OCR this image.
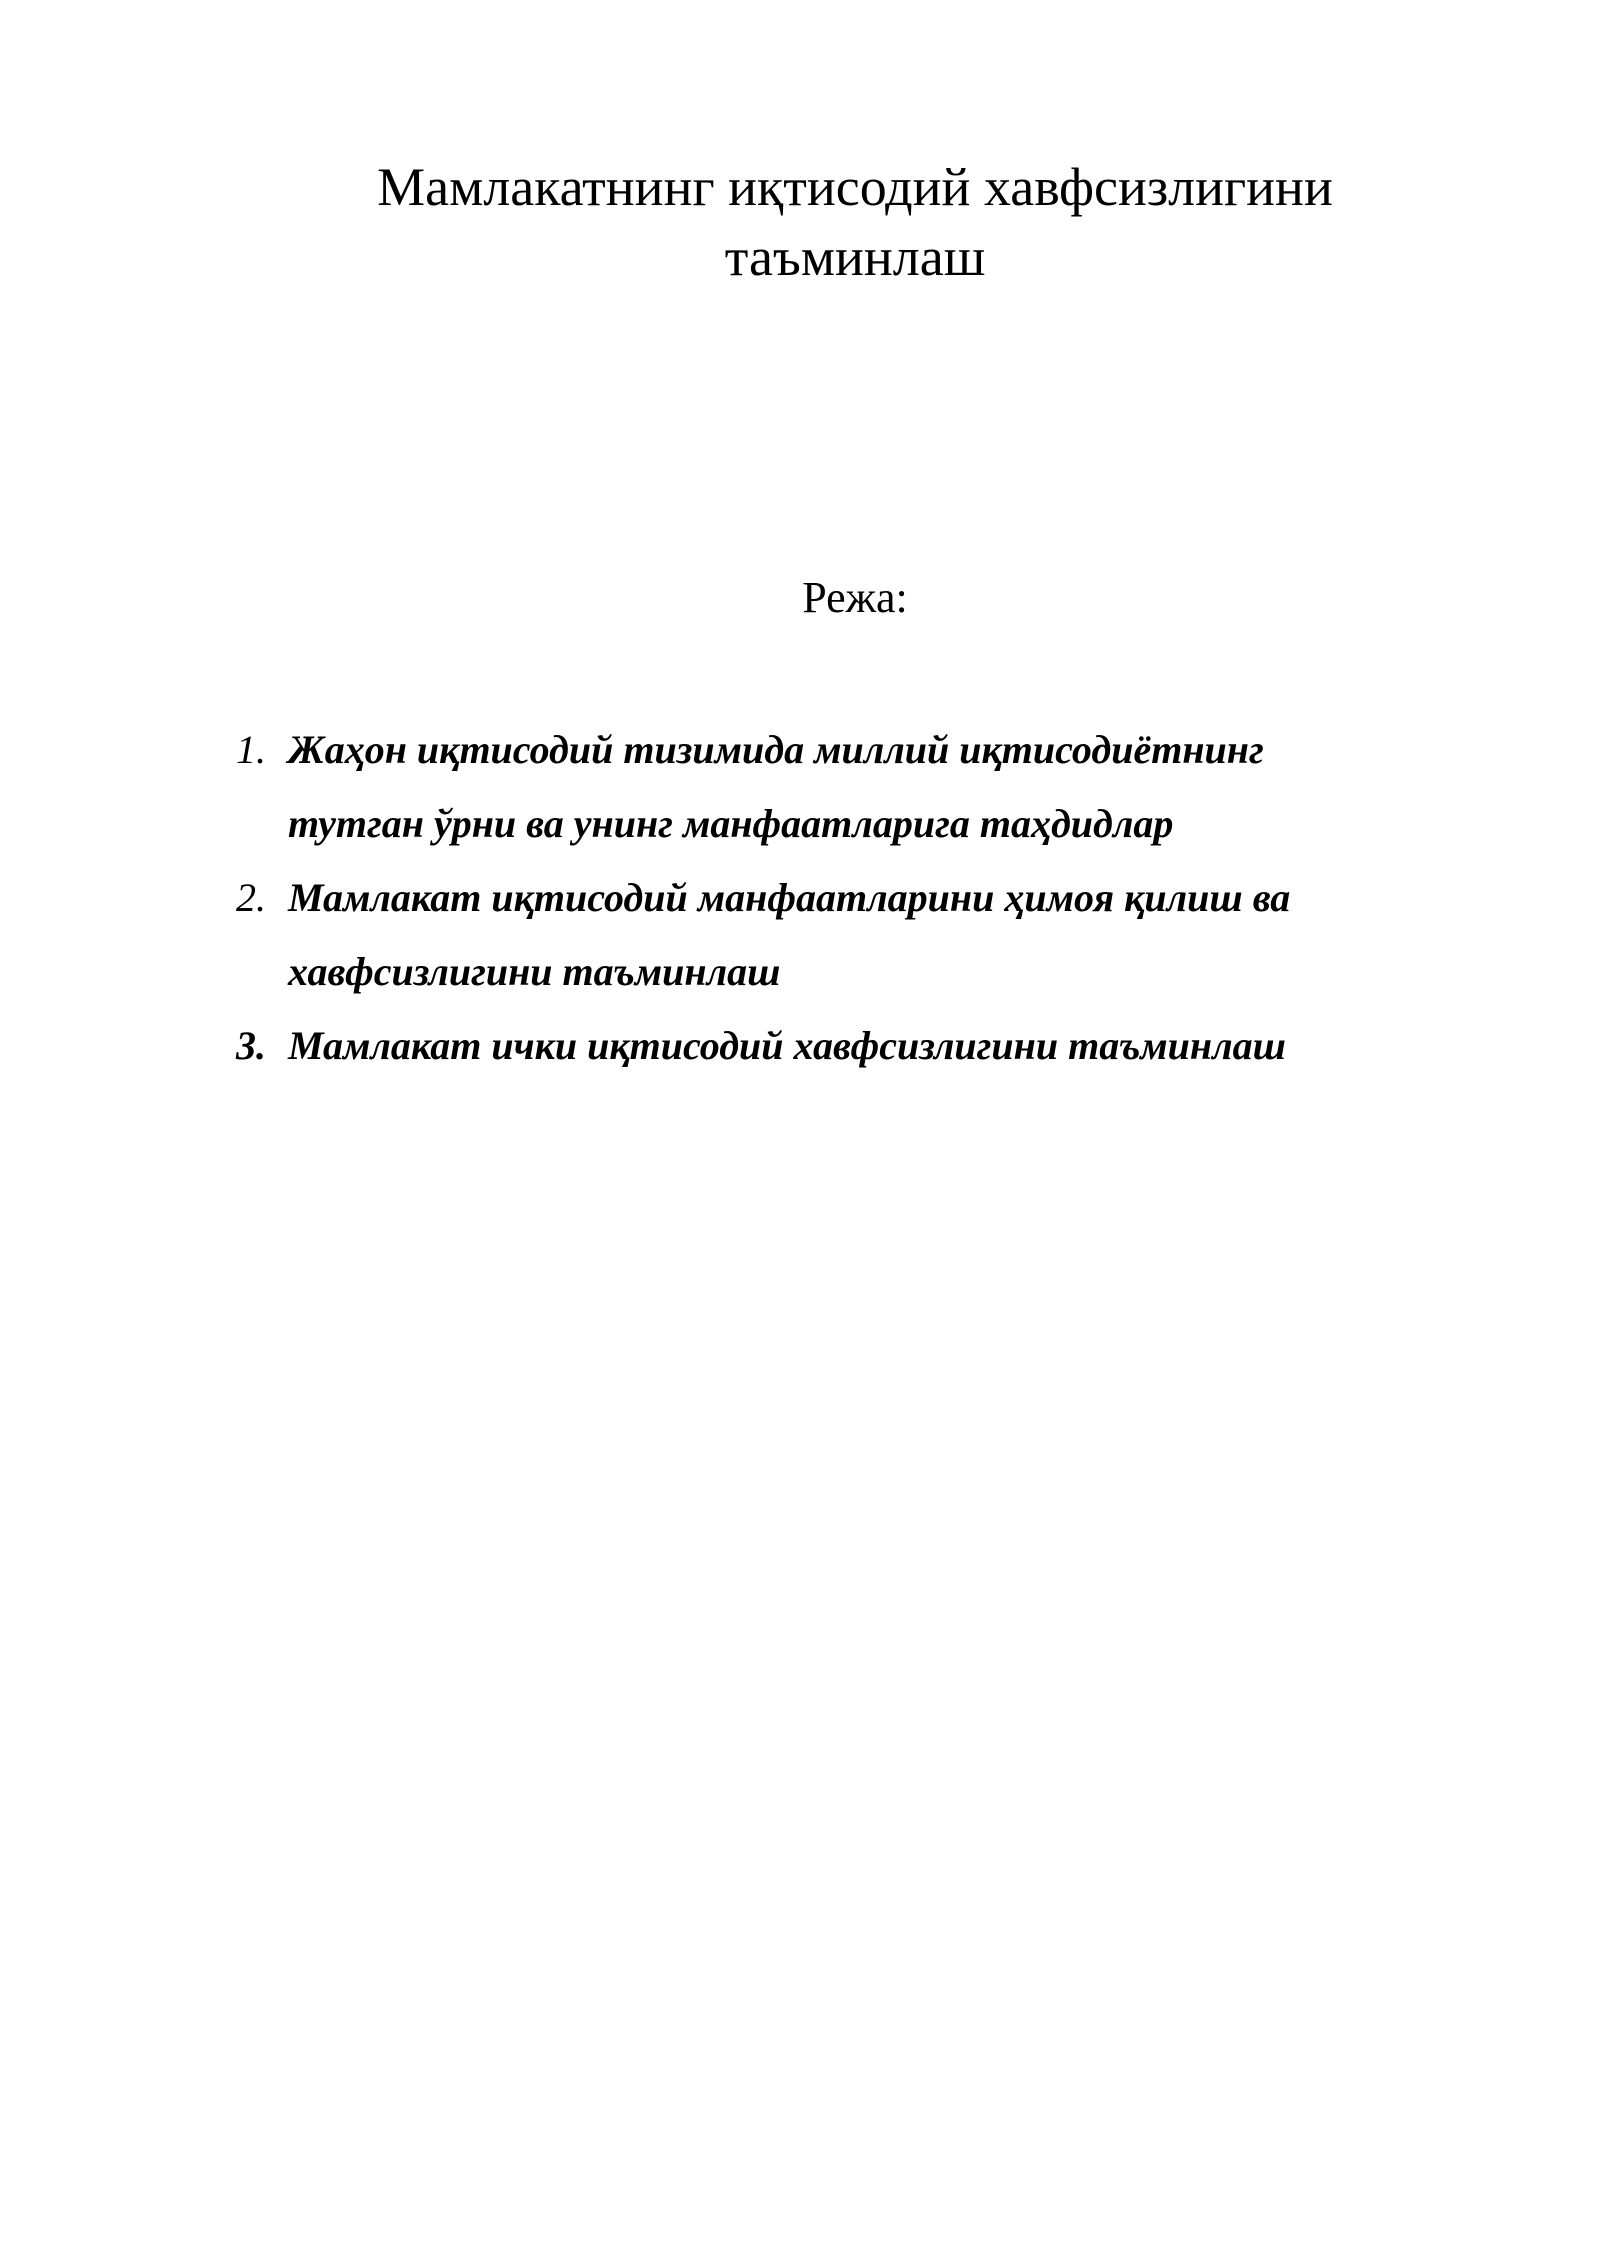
Мамлакатнинг иқтисодий хавфсизлигини
таъминлаш
Режа:
1. Жаҳон иқтисодий тизимида миллий иқтисодиётнинг
тутган ўрни ва унинг манфаатларига таҳдидлар
2. Мамлакат иқтисодий манфаатларини ҳимоя қилиш ва
хавфсизлигини таъминлаш
3. Мамлакат ички иқтисодий хавфсизлигини таъминлаш
